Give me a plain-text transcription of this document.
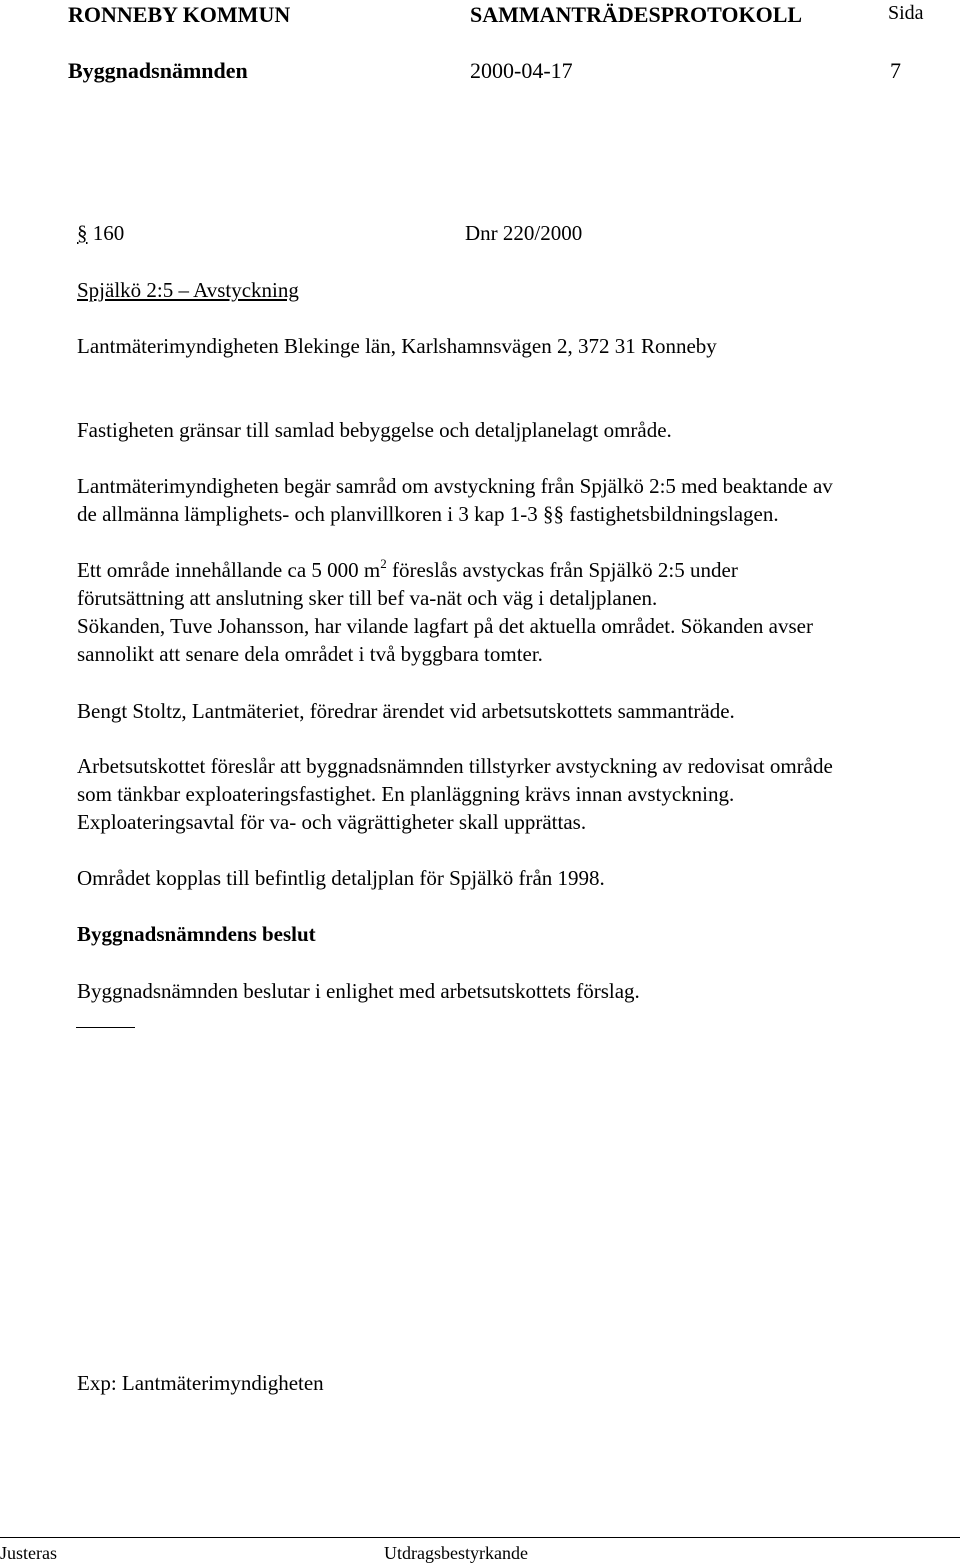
RONNEBY KOMMUN	SAMMANTRÄDESPROTOKOLL	Sida
Byggnadsnämnden	2000-04-17	7
§ 160	Dnr 220/2000
Spjälkö 2:5 – Avstyckning
Lantmäterimyndigheten Blekinge län, Karlshamnsvägen 2, 372 31 Ronneby
Fastigheten gränsar till samlad bebyggelse och detaljplanelagt område.
Lantmäterimyndigheten begär samråd om avstyckning från Spjälkö 2:5 med beaktande av
de allmänna lämplighets- och planvillkoren i 3 kap 1-3 §§ fastighetsbildningslagen.
Ett område innehållande ca 5 000 $m^2$ föreslås avstyckas från Spjälkö 2:5 under
förutsättning att anslutning sker till bef va-nät och väg i detaljplanen.
Sökanden, Tuve Johansson, har vilande lagfart på det aktuella området. Sökanden avser
sannolikt att senare dela området i två byggbara tomter.
Bengt Stoltz, Lantmäteriet, föredrar ärendet vid arbetsutskottets sammanträde.
Arbetsutskottet föreslår att byggnadsnämnden tillstyrker avstyckning av redovisat område
som tänkbar exploateringsfastighet. En planläggning krävs innan avstyckning.
Exploateringsavtal för va- och vägrättigheter skall upprättas.
Området kopplas till befintlig detaljplan för Spjälkö från 1998.
Byggnadsnämndens beslut
Byggnadsnämnden beslutar i enlighet med arbetsutskottets förslag.
Exp: Lantmäterimyndigheten
Justeras	Utdragsbestyrkande
